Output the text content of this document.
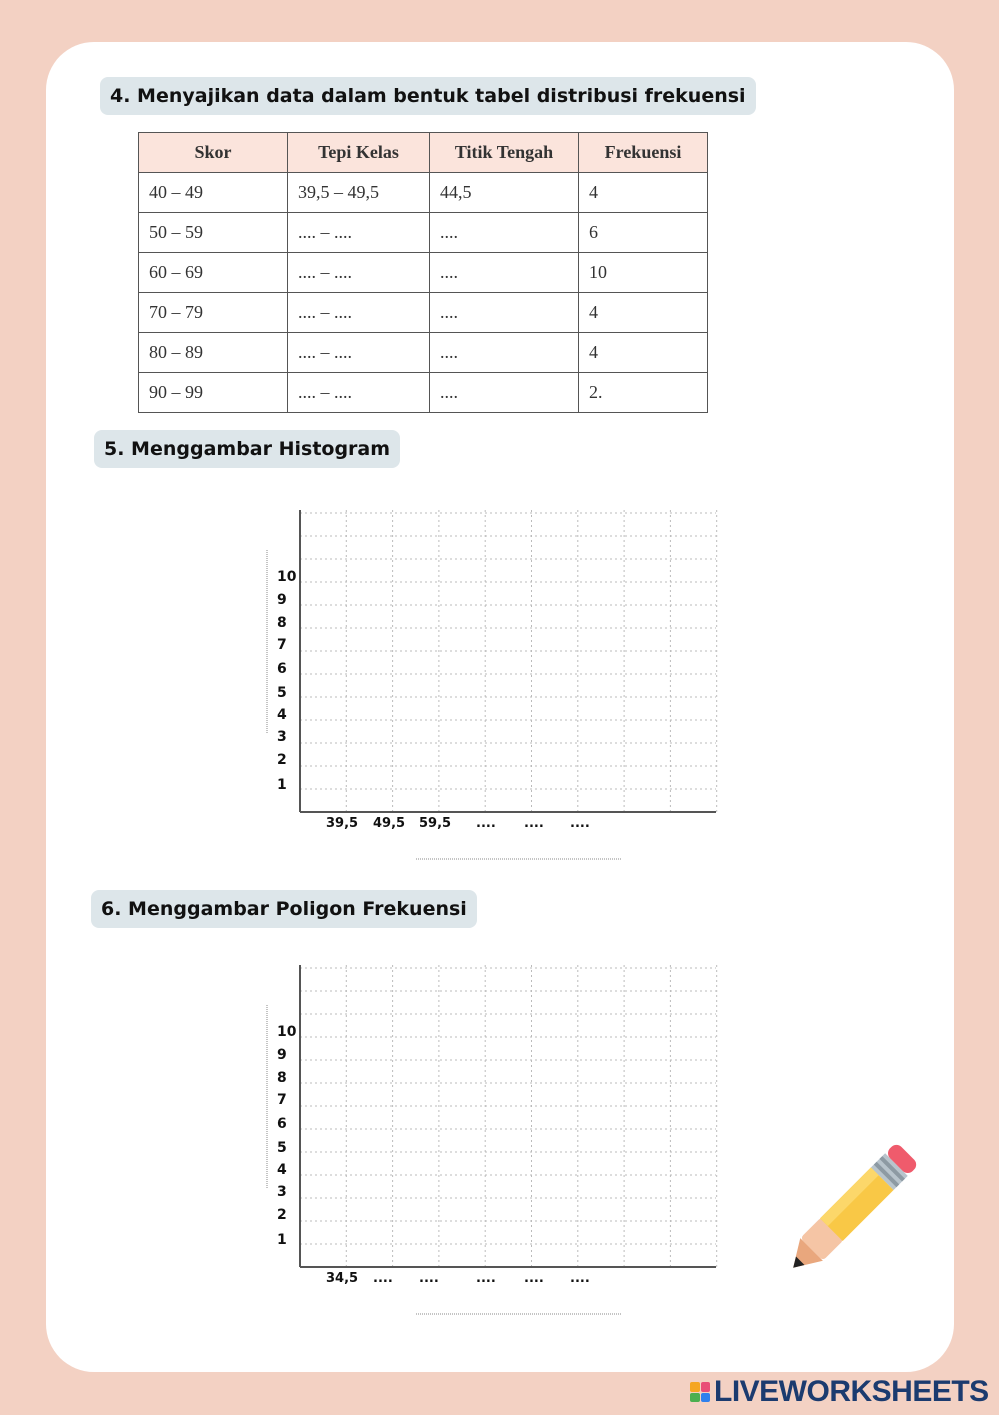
4. Menyajikan data dalam bentuk tabel distribusi frekuensi
Skor	Tepi Kelas	Titik Tengah	Frekuensi
40 – 49	39,5 – 49,5	44,5	4
50 – 59	.... – ....	....	6
60 – 69	.... – ....	....	10
70 – 79	.... – ....	....	4
80 – 89	.... – ....	....	4
90 – 99	.... – ....	....	2.
5. Menggambar Histogram
10
9
8
7
6
5
4
3
2
1
39,5 49,5 59,5 .... .... ....
6. Menggambar Poligon Frekuensi
10
9
8
7
6
5
4
3
2
1
34,5 .... ....	.... .... ....
LIVEWORKSHEETS
